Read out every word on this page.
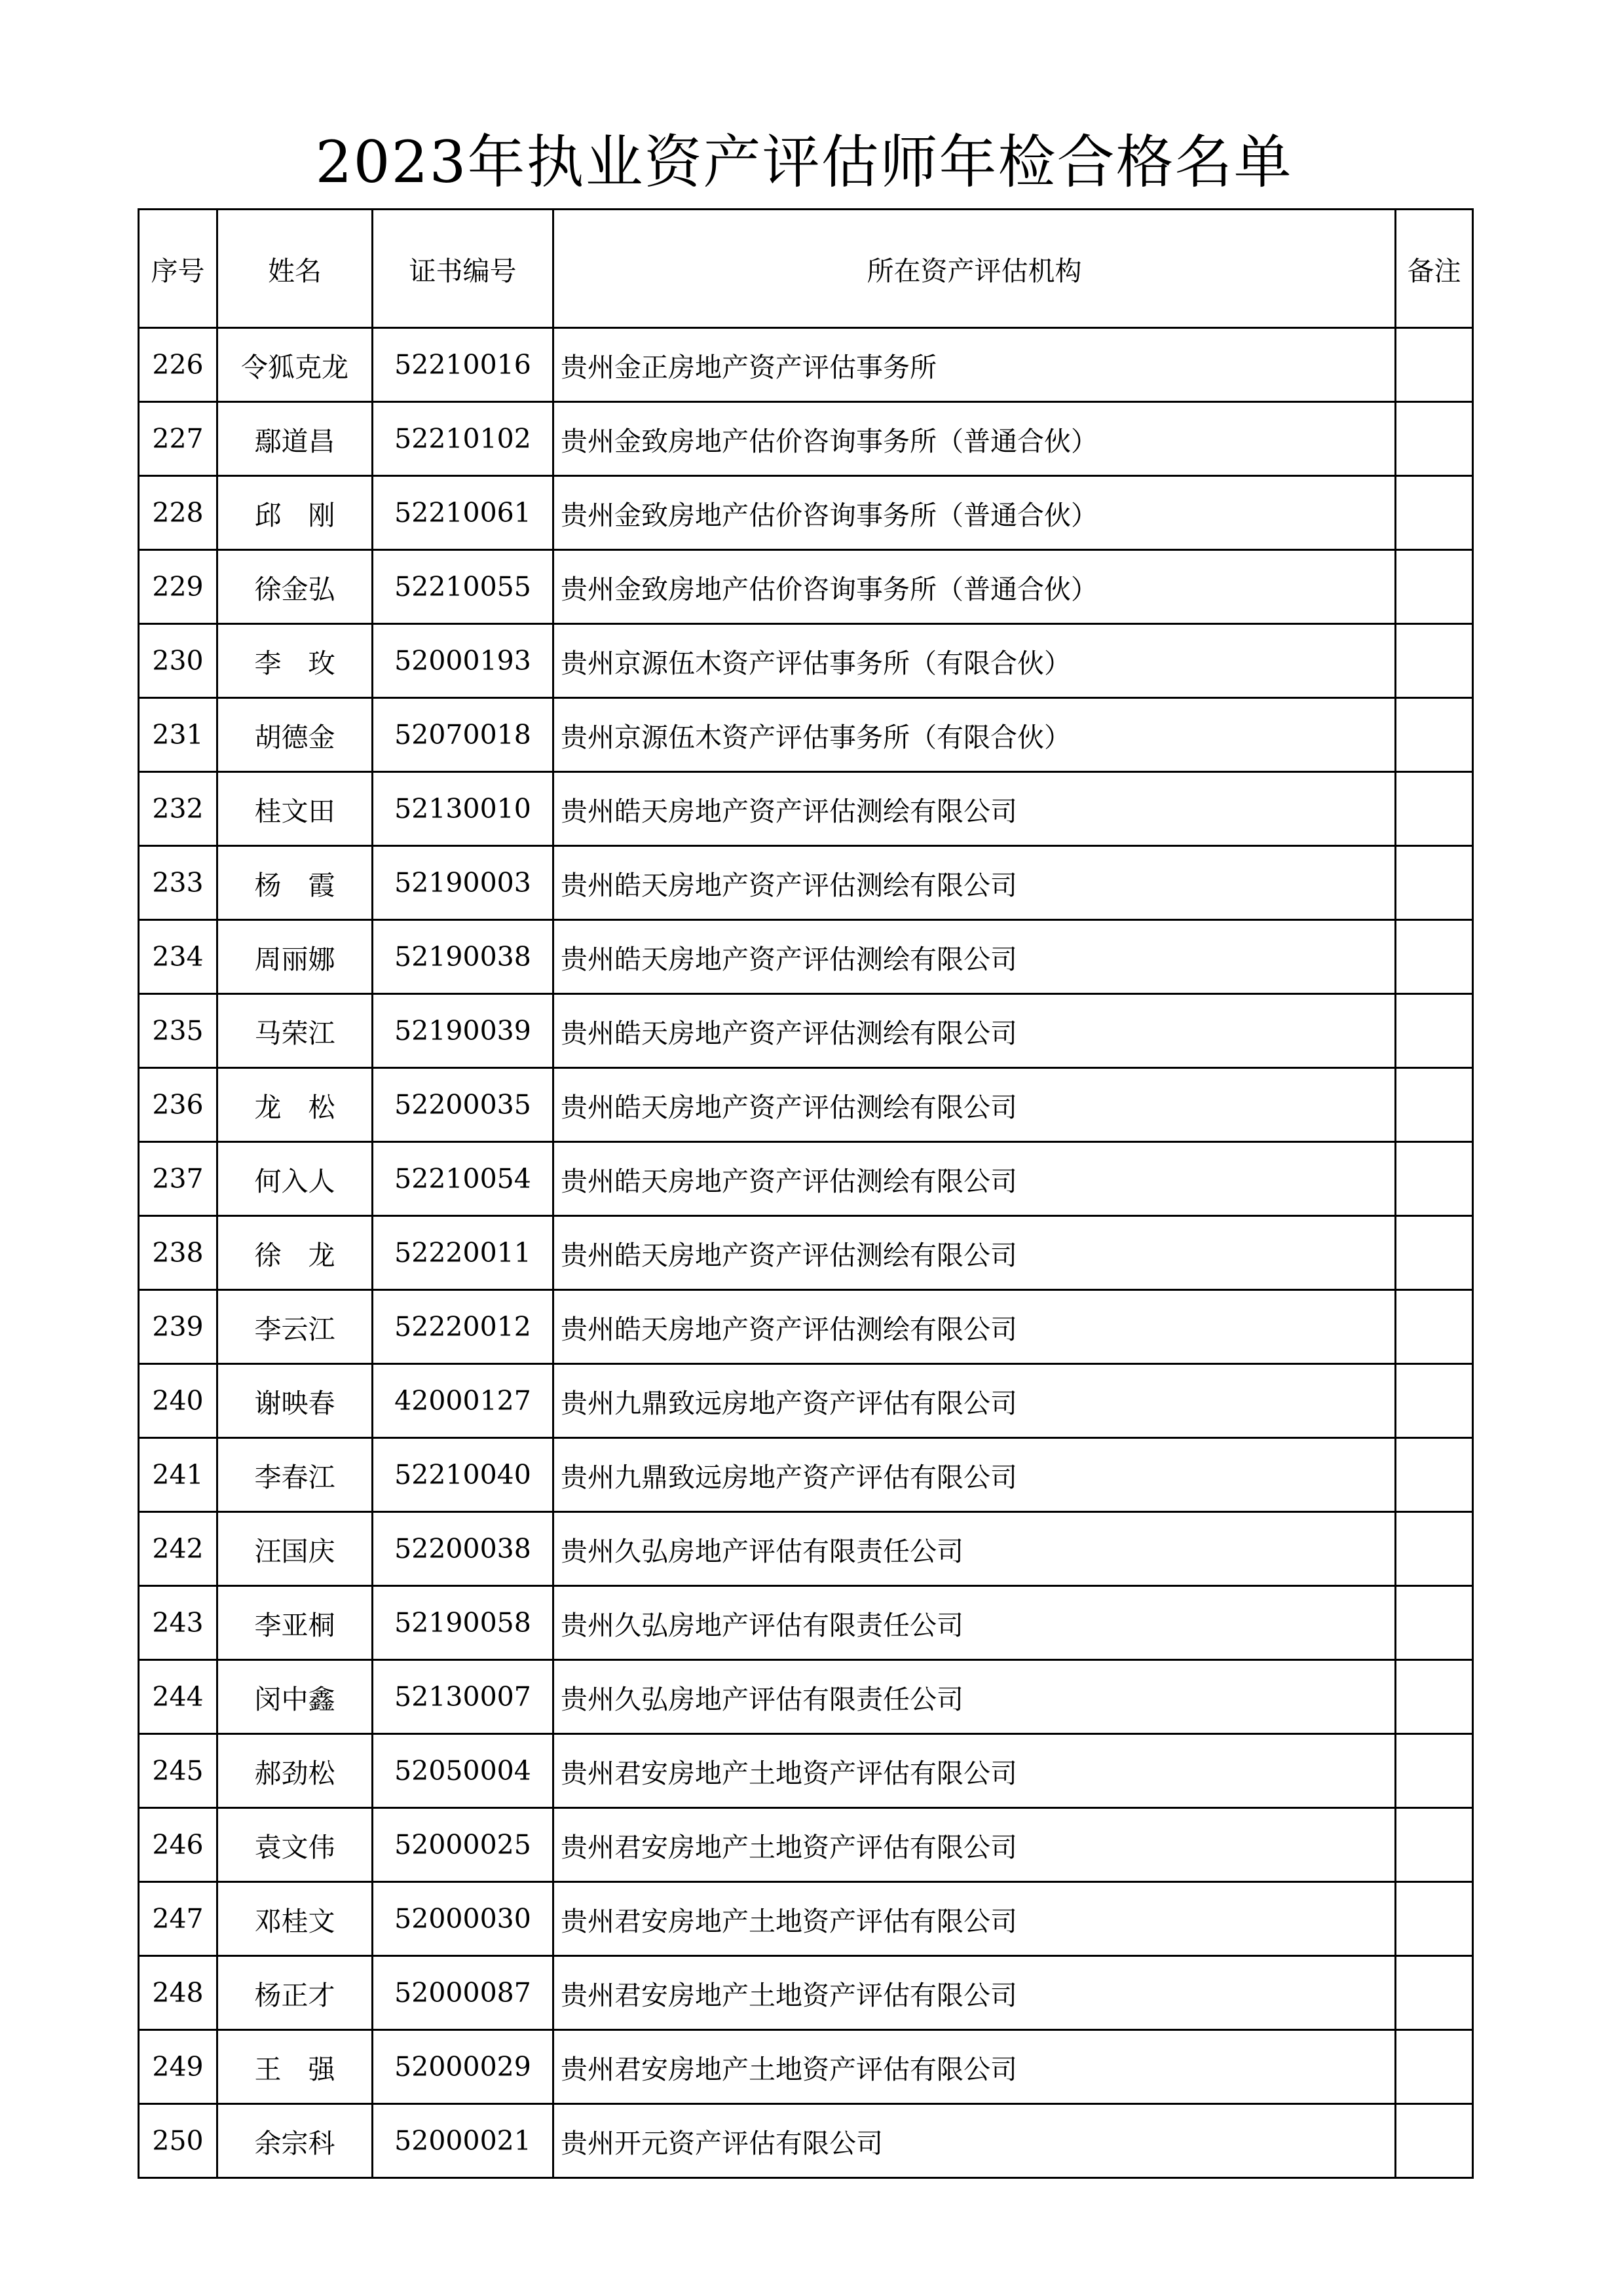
2023年执业资产评估师年检合格名单
序号	姓名	证书编号	所在资产评估机构	备注
226	令狐克龙	52210016	贵州金正房地产资产评估事务所	
227	鄢道昌	52210102	贵州金致房地产估价咨询事务所（普通合伙）	
228	邱　刚	52210061	贵州金致房地产估价咨询事务所（普通合伙）	
229	徐金弘	52210055	贵州金致房地产估价咨询事务所（普通合伙）	
230	李　玫	52000193	贵州京源伍木资产评估事务所（有限合伙）	
231	胡德金	52070018	贵州京源伍木资产评估事务所（有限合伙）	
232	桂文田	52130010	贵州皓天房地产资产评估测绘有限公司	
233	杨　霞	52190003	贵州皓天房地产资产评估测绘有限公司	
234	周丽娜	52190038	贵州皓天房地产资产评估测绘有限公司	
235	马荣江	52190039	贵州皓天房地产资产评估测绘有限公司	
236	龙　松	52200035	贵州皓天房地产资产评估测绘有限公司	
237	何入人	52210054	贵州皓天房地产资产评估测绘有限公司	
238	徐　龙	52220011	贵州皓天房地产资产评估测绘有限公司	
239	李云江	52220012	贵州皓天房地产资产评估测绘有限公司	
240	谢映春	42000127	贵州九鼎致远房地产资产评估有限公司	
241	李春江	52210040	贵州九鼎致远房地产资产评估有限公司	
242	汪国庆	52200038	贵州久弘房地产评估有限责任公司	
243	李亚桐	52190058	贵州久弘房地产评估有限责任公司	
244	闵中鑫	52130007	贵州久弘房地产评估有限责任公司	
245	郝劲松	52050004	贵州君安房地产土地资产评估有限公司	
246	袁文伟	52000025	贵州君安房地产土地资产评估有限公司	
247	邓桂文	52000030	贵州君安房地产土地资产评估有限公司	
248	杨正才	52000087	贵州君安房地产土地资产评估有限公司	
249	王　强	52000029	贵州君安房地产土地资产评估有限公司	
250	余宗科	52000021	贵州开元资产评估有限公司	
